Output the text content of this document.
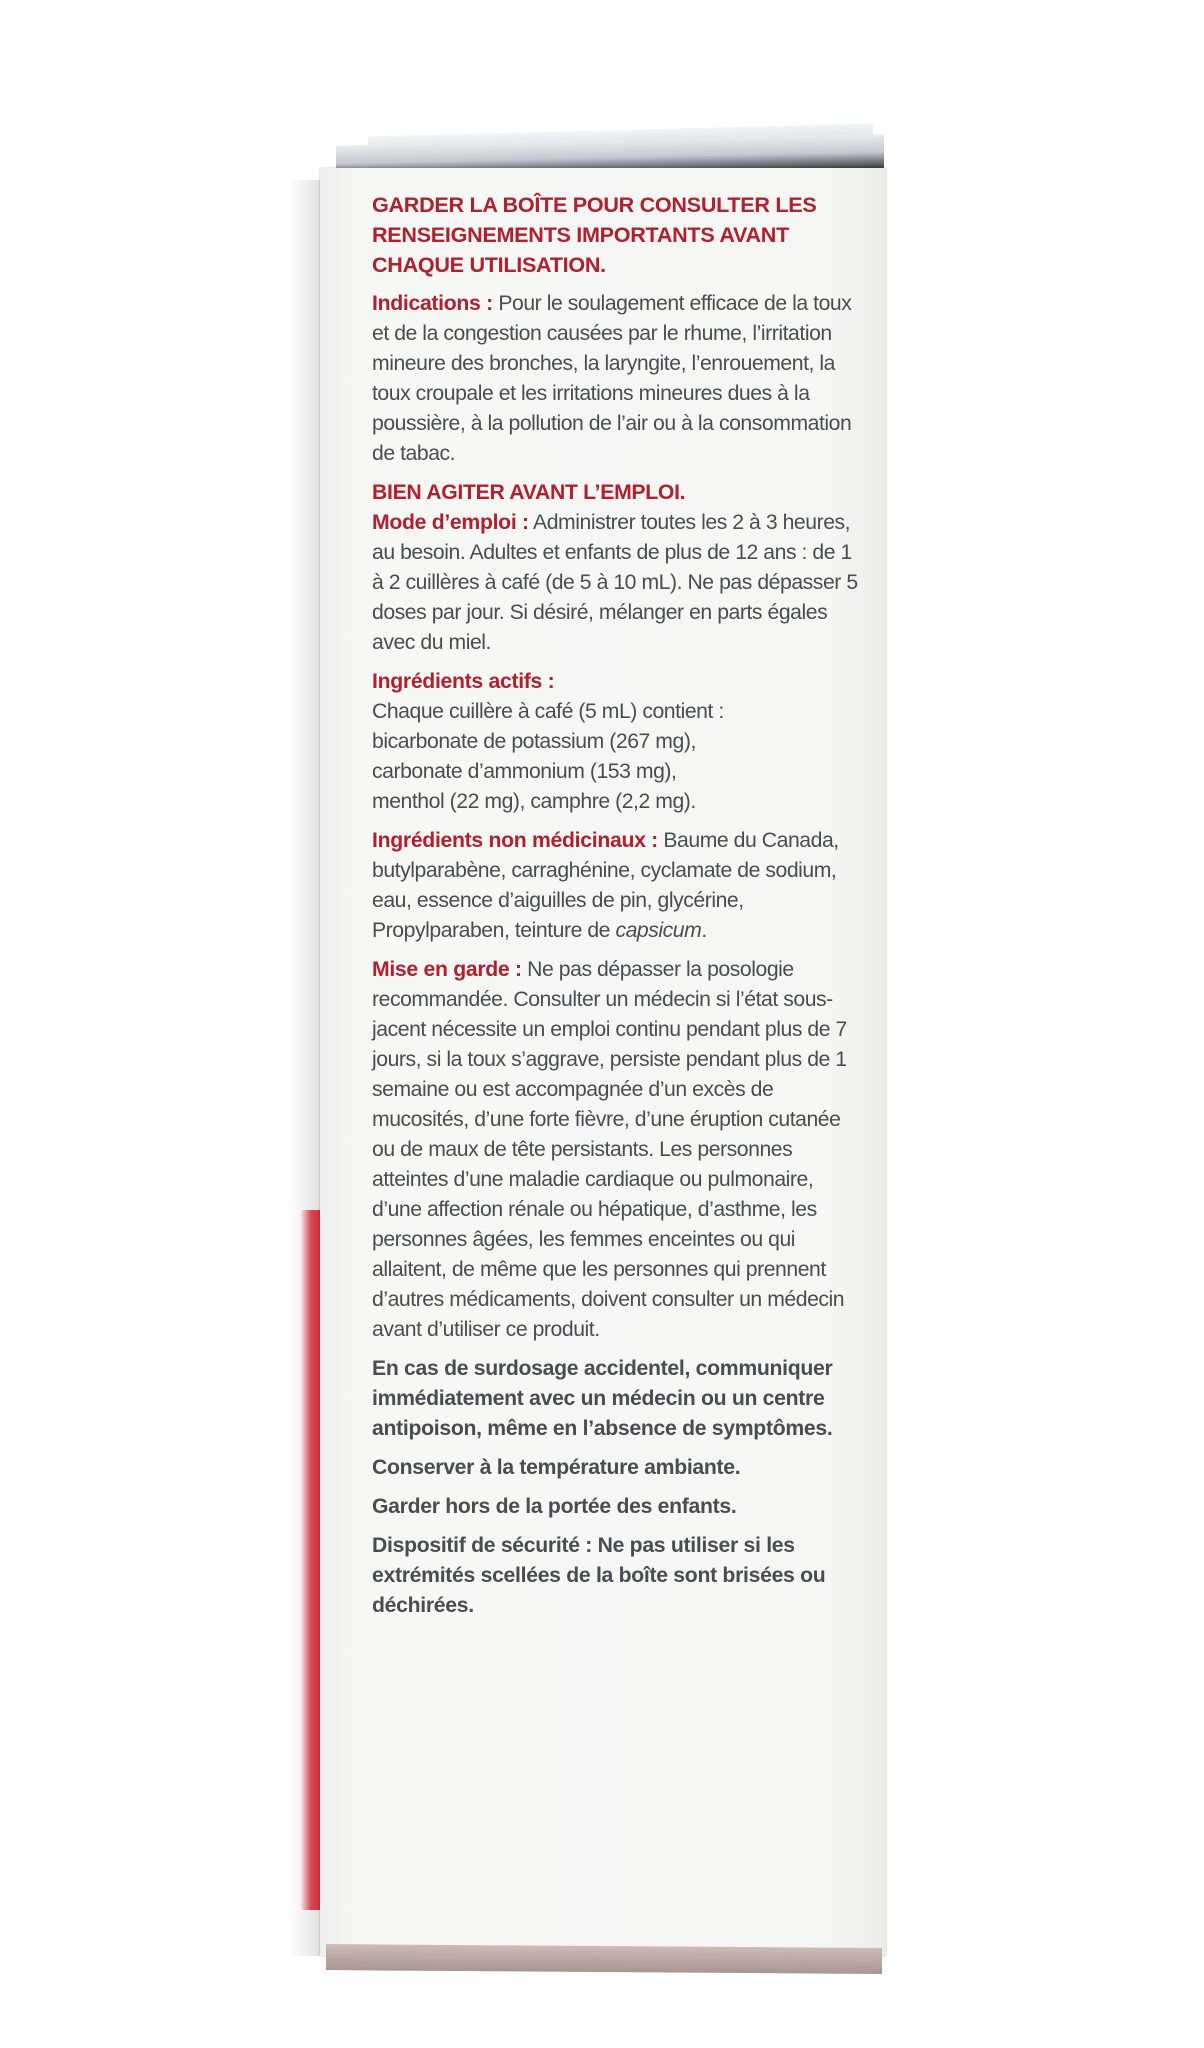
GARDER LA BOÎTE POUR CONSULTER LES RENSEIGNEMENTS IMPORTANTS AVANT CHAQUE UTILISATION.

Indications : Pour le soulagement efficace de la toux et de la congestion causées par le rhume, l’irritation mineure des bronches, la laryngite, l’enrouement, la toux croupale et les irritations mineures dues à la poussière, à la pollution de l’air ou à la consommation de tabac.

BIEN AGITER AVANT L’EMPLOI.

Mode d’emploi : Administrer toutes les 2 à 3 heures, au besoin. Adultes et enfants de plus de 12 ans : de 1 à 2 cuillères à café (de 5 à 10 mL). Ne pas dépasser 5 doses par jour. Si désiré, mélanger en parts égales avec du miel.

Ingrédients actifs :
Chaque cuillère à café (5 mL) contient :
bicarbonate de potassium (267 mg),
carbonate d’ammonium (153 mg),
menthol (22 mg), camphre (2,2 mg).

Ingrédients non médicinaux : Baume du Canada, butylparabène, carraghénine, cyclamate de sodium, eau, essence d’aiguilles de pin, glycérine, Propylparaben, teinture de capsicum.

Mise en garde : Ne pas dépasser la posologie recommandée. Consulter un médecin si l’état sous-jacent nécessite un emploi continu pendant plus de 7 jours, si la toux s’aggrave, persiste pendant plus de 1 semaine ou est accompagnée d’un excès de mucosités, d’une forte fièvre, d’une éruption cutanée ou de maux de tête persistants. Les personnes atteintes d’une maladie cardiaque ou pulmonaire, d’une affection rénale ou hépatique, d’asthme, les personnes âgées, les femmes enceintes ou qui allaitent, de même que les personnes qui prennent d’autres médicaments, doivent consulter un médecin avant d’utiliser ce produit.

En cas de surdosage accidentel, communiquer immédiatement avec un médecin ou un centre antipoison, même en l’absence de symptômes.

Conserver à la température ambiante.

Garder hors de la portée des enfants.

Dispositif de sécurité : Ne pas utiliser si les extrémités scellées de la boîte sont brisées ou déchirées.
